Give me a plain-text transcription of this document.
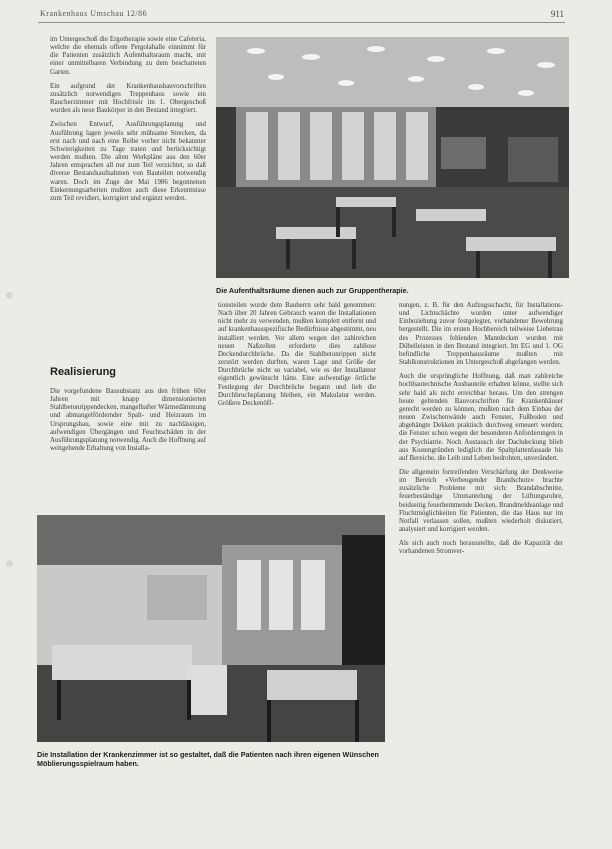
Krankenhaus Umschau 12/86	911

im Untergeschoß die Ergotherapie sowie eine Cafeteria, welche die ehemals offene Pergolahalle einnimmt für die Patienten zusätzlich Aufenthaltsraum macht, mit einer unmittelbaren Verbindung zu dem beschatteten Garten.

Ein aufgrund der Krankenhausbauvorschriften zusätzlich notwendiges Treppenhaus sowie ein Raucherzimmer mit Hochfrisör im 1. Obergeschoß wurden als neue Baukörper in den Bestand integriert.

Zwischen Entwurf, Ausführungsplanung und Ausführung lagen jeweils sehr mühsame Strecken, da erst nach und nach eine Reihe vorher nicht bekannter Schwierigkeiten zu Tage traten und berücksichtigt werden mußten. Die alten Werkpläne aus den 60er Jahren entsprachen all nur zum Teil verzichtet, so daß diverse Bestandsaufnahmen von Bauteilen notwendig waren. Doch im Zuge der Mai 1986 begonnenen Einkernungsarbeiten mußten auch diese Erkenntnisse zum Teil revidiert, korrigiert und ergänzt werden.

Realisierung

Die vorgefundene Bausubstanz aus den frühen 60er Jahren mit knapp dimensionierten Stahlbetonrippendecken, mangelhafter Wärmedämmung und abmangelfördernder Spalt- und Heizraum im Ursprungsbau, sowie eine mit zu nachlässigen, aufwendigen Übergängen und Feuchtschäden in der Ausführungsplanung notwendig. Auch die Hoffnung auf weitgehende Erhaltung von Installa-

Die Aufenthaltsräume dienen auch zur Gruppentherapie.

tionsteilen wurde dem Bauherrn sehr bald genommen: Nach über 20 Jahren Gebrauch waren die Installationen nicht mehr zu verwenden, mußten komplett entfernt und auf krankenhausspezifische Bedürfnisse abgestimmt, neu installiert werden. Vor allem wegen der zahlreichen neuen Naßzellen erforderte dies zahllose Deckendurchbrüche. Da die Stahlbetonrippen nicht zerstört werden durften, waren Lage und Größe der Durchbrüche nicht so variabel, wie es der Installateur eigentlich gewünscht hätte. Eine aufwendige örtliche Festlegung der Durchbrüche begann und lieb die Durchbruchsplanung bleiben, ein Makulatur werden. Größere Deckenöff-

nungen, z. B. für den Aufzugsschacht, für Installations- und Lichtschächte wurden unter aufwendiger Einbeziehung zuvor festgelegter, vorhandener Bewehrung hergestellt. Die im ersten Hochbereich teilweise Liebetrau des Prozesses fehlenden Mantdecken wurden mit Dübelleisten in den Bestand integriert. Im EG und 1. OG befindliche Treppenhausräume mußten mit Stahlkonstruktionen im Untergeschoß abgefangen werden.

Auch die ursprüngliche Hoffnung, daß man zahlreiche hochbautechnische Ausbauteile erhalten könne, stellte sich sehr bald als nicht erreichbar heraus. Um den strengen heute geltenden Bauvorschriften für Krankenhäuser gerecht werden zu können, mußten nach dem Einbau der neuen Zwischenwände auch Fenster, Fußboden und abgehängte Dekken praktisch durchweg erneuert werden; die Fenster schon wegen der besonderen Anforderungen in der Psychiatrie. Noch Austausch der Dachdeckung blieb aus Kostengründen lediglich die Spaltplattenfassade bis auf Bereiche, die Leib und Leben bedrohten, unverändert.

Die allgemein fortreifenden Verschärfung der Denkweise im Bereich »Vorbeugender Brandschutz« brachte zusätzliche Probleme mit sich: Brandabschnitte, feuerbeständige Ummantelung der Lüftungsrohre, beidseitig feuerhemmende Decken, Brandmeldeanlage und Fluchtmöglichkeiten für Patienten, die das Haus nur im Notfall verlassen sollen, mußten wiederholt diskutiert, analysiert und korrigiert werden.

Als sich auch noch herausstellte, daß die Kapazität der vorhandenen Stromver-

Die Installation der Krankenzimmer ist so gestaltet, daß die Patienten nach ihren eigenen Wünschen Möblierungsspielraum haben.
